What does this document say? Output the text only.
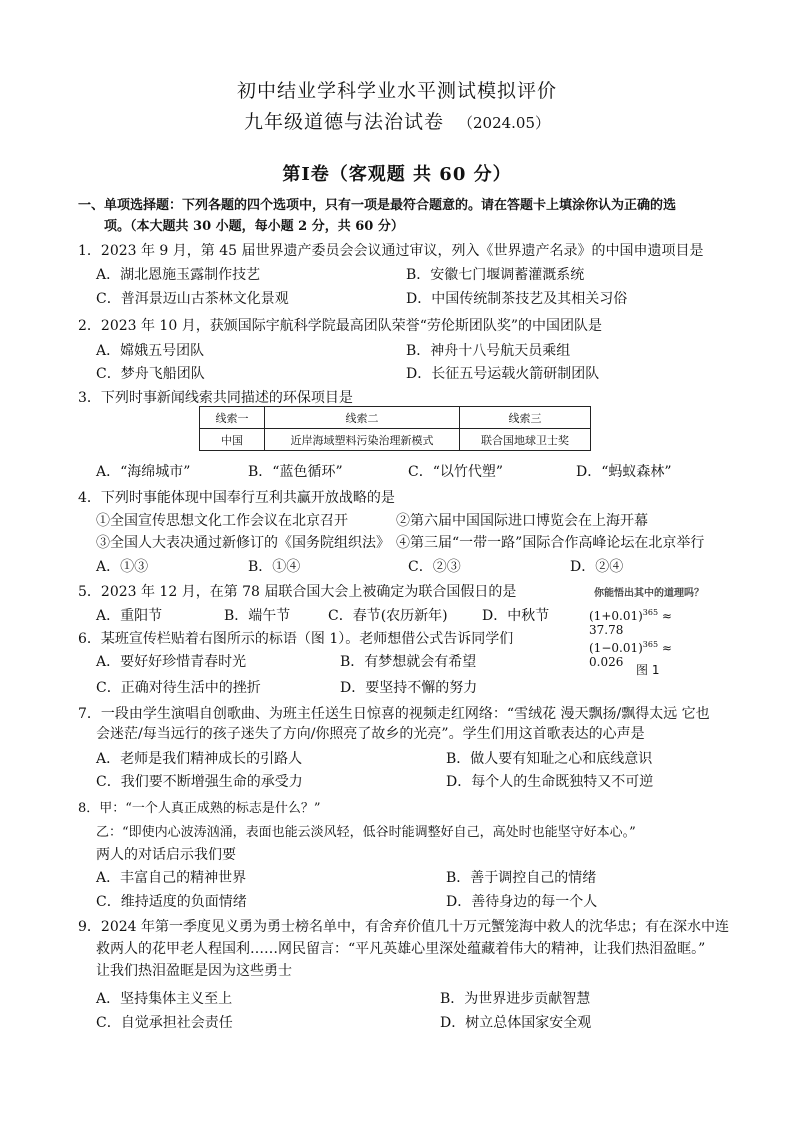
初中结业学科学业水平测试模拟评价
九年级道德与法治试卷 （2024.05）
第Ⅰ卷（客观题 共 60 分）
一、单项选择题：下列各题的四个选项中，只有一项是最符合题意的。请在答题卡上填涂你认为正确的选
项。（本大题共 30 小题，每小题 2 分，共 60 分）
1．2023 年 9 月，第 45 届世界遗产委员会会议通过审议，列入《世界遗产名录》的中国申遗项目是
A．湖北恩施玉露制作技艺	B．安徽七门堰调蓄灌溉系统
C．普洱景迈山古茶林文化景观	D．中国传统制茶技艺及其相关习俗
2．2023 年 10 月，获颁国际宇航科学院最高团队荣誉“劳伦斯团队奖”的中国团队是
A．嫦娥五号团队	B．神舟十八号航天员乘组
C．梦舟飞船团队	D．长征五号运载火箭研制团队
3．下列时事新闻线索共同描述的环保项目是
线索一	线索二	线索三
中国	近岸海域塑料污染治理新模式	联合国地球卫士奖
A．“海绵城市”	B．“蓝色循环”	C．“以竹代塑”	D．“蚂蚁森林”
4．下列时事能体现中国奉行互利共赢开放战略的是
①全国宣传思想文化工作会议在北京召开	②第六届中国国际进口博览会在上海开幕
③全国人大表决通过新修订的《国务院组织法》 ④第三届“一带一路”国际合作高峰论坛在北京举行
A．①③	B．①④	C．②③	D．②④
5．2023 年 12 月，在第 78 届联合国大会上被确定为联合国假日的是
A．重阳节	B．端午节	C．春节(农历新年) D．中秋节
你能悟出其中的道理吗？
$(1+0.01)^{365} \approx 37.78$
$(1-0.01)^{365} \approx 0.026$
图 1
6．某班宣传栏贴着右图所示的标语（图 1）。老师想借公式告诉同学们
A．要好好珍惜青春时光	B．有梦想就会有希望
C．正确对待生活中的挫折	D．要坚持不懈的努力
7．一段由学生演唱自创歌曲、为班主任送生日惊喜的视频走红网络：“雪绒花 漫天飘扬/飘得太远 它也
会迷茫/每当远行的孩子迷失了方向/你照亮了故乡的光亮”。学生们用这首歌表达的心声是
A．老师是我们精神成长的引路人	B．做人要有知耻之心和底线意识
C．我们要不断增强生命的承受力	D．每个人的生命既独特又不可逆
8．甲：“一个人真正成熟的标志是什么？”
乙：“即使内心波涛汹涌，表面也能云淡风轻，低谷时能调整好自己，高处时也能坚守好本心。”
两人的对话启示我们要
A．丰富自己的精神世界	B．善于调控自己的情绪
C．维持适度的负面情绪	D．善待身边的每一个人
9．2024 年第一季度见义勇为勇士榜名单中，有舍弃价值几十万元蟹笼海中救人的沈华忠；有在深水中连
救两人的花甲老人程国利……网民留言：“平凡英雄心里深处蕴藏着伟大的精神，让我们热泪盈眶。”
让我们热泪盈眶是因为这些勇士
A．坚持集体主义至上	B．为世界进步贡献智慧
C．自觉承担社会责任	D．树立总体国家安全观
